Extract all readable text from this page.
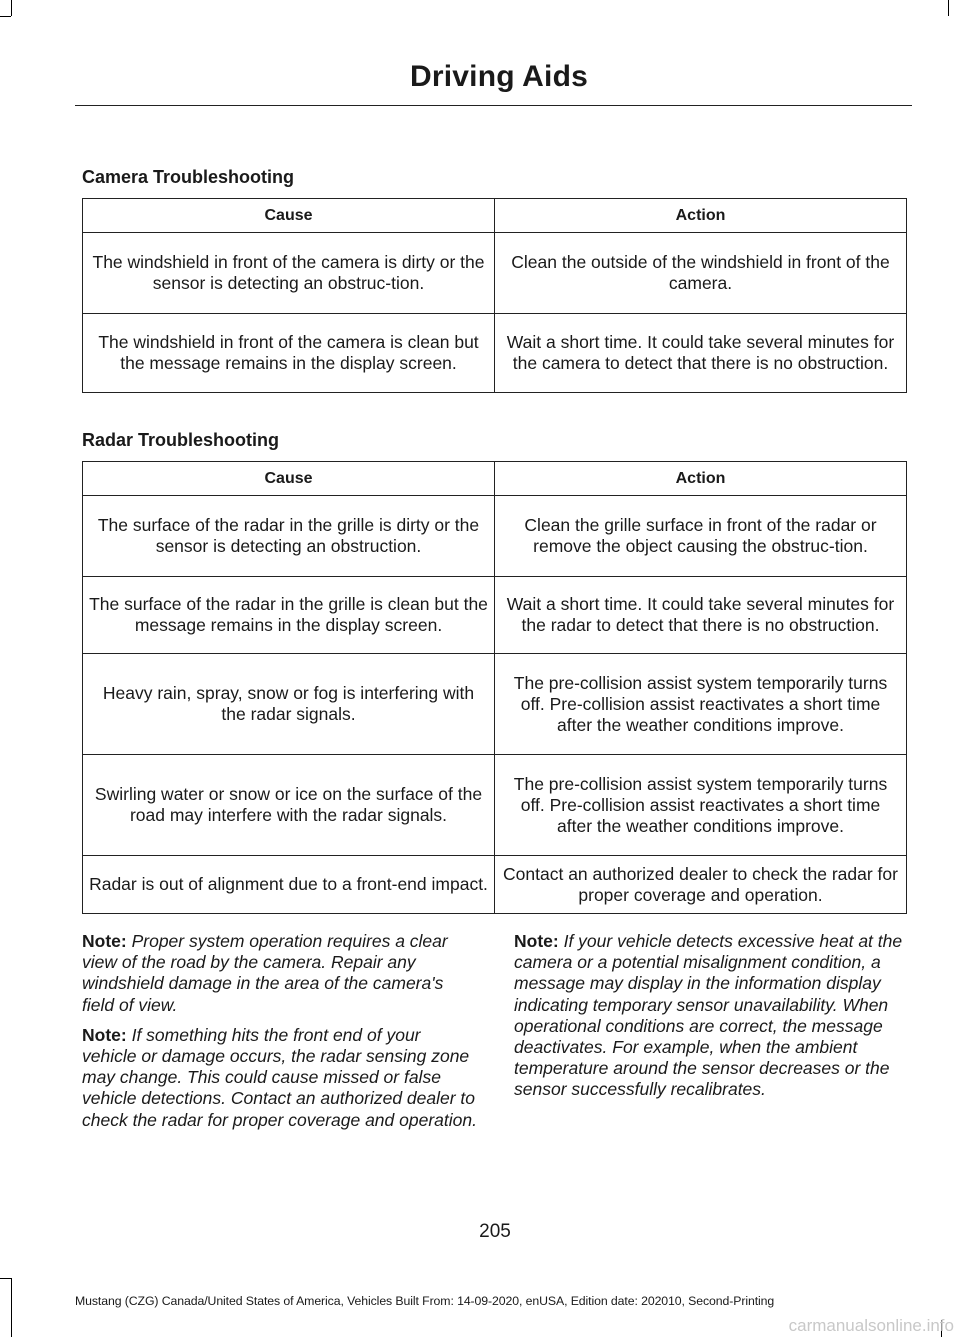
Driving Aids
Camera Troubleshooting
Cause	Action
The windshield in front of the camera is dirty or the sensor is detecting an obstruc-tion.	Clean the outside of the windshield in front of the camera.
The windshield in front of the camera is clean but the message remains in the display screen.	Wait a short time. It could take several minutes for the camera to detect that there is no obstruction.
Radar Troubleshooting
Cause	Action
The surface of the radar in the grille is dirty or the sensor is detecting an obstruction.	Clean the grille surface in front of the radar or remove the object causing the obstruc-tion.
The surface of the radar in the grille is clean but the message remains in the display screen.	Wait a short time. It could take several minutes for the radar to detect that there is no obstruction.
Heavy rain, spray, snow or fog is interfering with the radar signals.	The pre-collision assist system temporarily turns off. Pre-collision assist reactivates a short time after the weather conditions improve.
Swirling water or snow or ice on the surface of the road may interfere with the radar signals.	The pre-collision assist system temporarily turns off. Pre-collision assist reactivates a short time after the weather conditions improve.
Radar is out of alignment due to a front-end impact.	Contact an authorized dealer to check the radar for proper coverage and operation.

Note: Proper system operation requires a clear view of the road by the camera. Repair any windshield damage in the area of the camera's field of view.

Note: If something hits the front end of your vehicle or damage occurs, the radar sensing zone may change. This could cause missed or false vehicle detections. Contact an authorized dealer to check the radar for proper coverage and operation.

Note: If your vehicle detects excessive heat at the camera or a potential misalignment condition, a message may display in the information display indicating temporary sensor unavailability. When operational conditions are correct, the message deactivates. For example, when the ambient temperature around the sensor decreases or the sensor successfully recalibrates.

205
Mustang (CZG) Canada/United States of America, Vehicles Built From: 14-09-2020, enUSA, Edition date: 202010, Second-Printing
carmanualsonline.info
